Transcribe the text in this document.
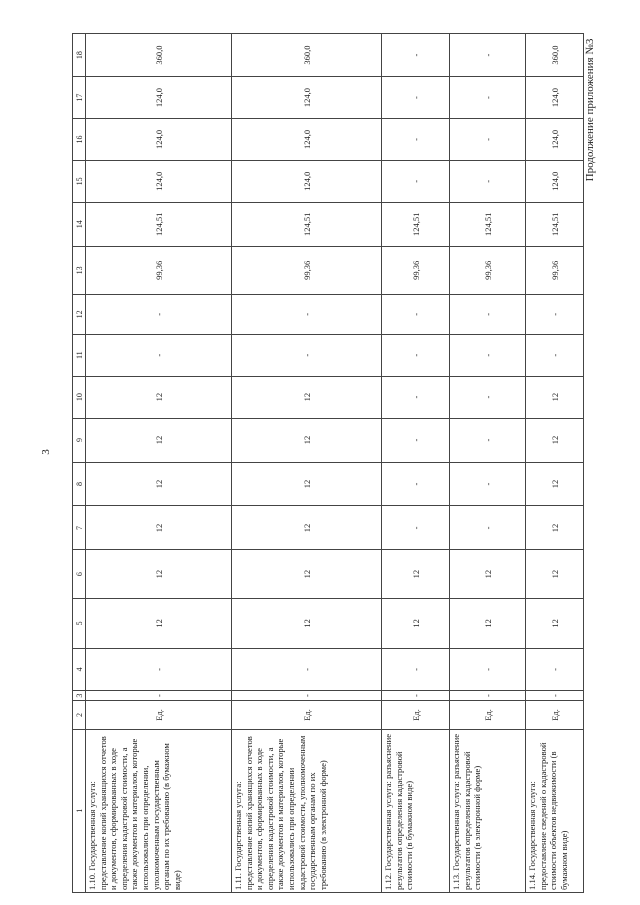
3
Продолжение приложения №3
1	2	3	4	5	6	7	8	9	10	11	12	13	14	15	16	17	18
1.10. Государственная услуга: представление копий хранящихся отчетов и документов, сформированных в ходе определения кадастровой стоимости, а также документов и материалов, которые использовались при определении, уполномоченным государственным органам по их требованию (в бумажном виде)	Ед.	-	-	12	12	12	12	12	12	-	-	99,36	124,51	124,0	124,0	124,0	360,0
1.11. Государственная услуга: представление копий хранящихся отчетов и документов, сформированных в ходе определения кадастровой стоимости, а также документов и материалов, которые использовались при определении кадастровой стоимости, уполномоченным государственным органам по их требованию (в электронной форме)	Ед.	-	-	12	12	12	12	12	12	-	-	99,36	124,51	124,0	124,0	124,0	360,0
1.12. Государственная услуга: разъяснение результатов определения кадастровой стоимости (в бумажном виде)	Ед.	-	-	12	12	-	-	-	-	-	-	99,36	124,51	-	-	-	-
1.13. Государственная услуга: разъяснение результатов определения кадастровой стоимости (в электронной форме)	Ед.	-	-	12	12	-	-	-	-	-	-	99,36	124,51	-	-	-	-
1.14. Государственная услуга: предоставление сведений о кадастровой стоимости объектов недвижимости (в бумажном виде)	Ед.	-	-	12	12	12	12	12	12	-	-	99,36	124,51	124,0	124,0	124,0	360,0
